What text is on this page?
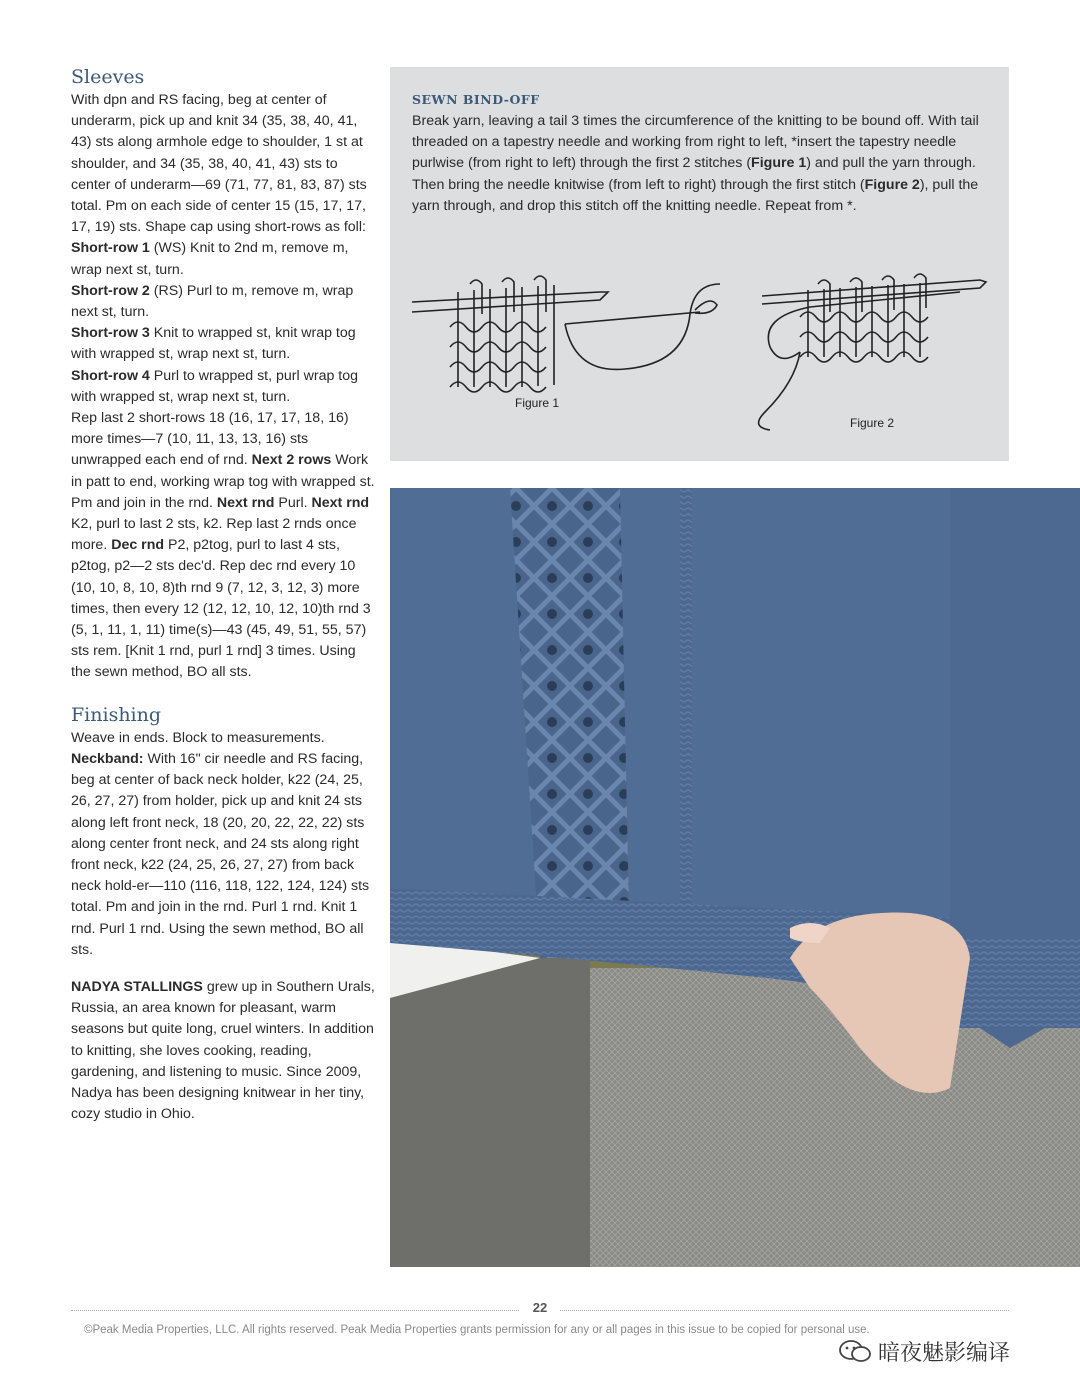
Sleeves

With dpn and RS facing, beg at center of underarm, pick up and knit 34 (35, 38, 40, 41, 43) sts along armhole edge to shoulder, 1 st at shoulder, and 34 (35, 38, 40, 41, 43) sts to center of underarm—69 (71, 77, 81, 83, 87) sts total. Pm on each side of center 15 (15, 17, 17, 17, 19) sts. Shape cap using short-rows as foll:
Short-row 1 (WS) Knit to 2nd m, remove m, wrap next st, turn.
Short-row 2 (RS) Purl to m, remove m, wrap next st, turn.
Short-row 3 Knit to wrapped st, knit wrap tog with wrapped st, wrap next st, turn.
Short-row 4 Purl to wrapped st, purl wrap tog with wrapped st, wrap next st, turn.
Rep last 2 short-rows 18 (16, 17, 17, 18, 16) more times—7 (10, 11, 13, 13, 16) sts unwrapped each end of rnd. Next 2 rows Work in patt to end, working wrap tog with wrapped st. Pm and join in the rnd. Next rnd Purl. Next rnd K2, purl to last 2 sts, k2. Rep last 2 rnds once more. Dec rnd P2, p2tog, purl to last 4 sts, p2tog, p2—2 sts dec'd. Rep dec rnd every 10 (10, 10, 8, 10, 8)th rnd 9 (7, 12, 3, 12, 3) more times, then every 12 (12, 12, 10, 12, 10)th rnd 3 (5, 1, 11, 1, 11) time(s)—43 (45, 49, 51, 55, 57) sts rem. [Knit 1 rnd, purl 1 rnd] 3 times. Using the sewn method, BO all sts.

Finishing

Weave in ends. Block to measurements.
Neckband: With 16" cir needle and RS facing, beg at center of back neck holder, k22 (24, 25, 26, 27, 27) from holder, pick up and knit 24 sts along left front neck, 18 (20, 20, 22, 22, 22) sts along center front neck, and 24 sts along right front neck, k22 (24, 25, 26, 27, 27) from back neck hold-er—110 (116, 118, 122, 124, 124) sts total. Pm and join in the rnd. Purl 1 rnd. Knit 1 rnd. Purl 1 rnd. Using the sewn method, BO all sts.

NADYA STALLINGS grew up in Southern Urals, Russia, an area known for pleasant, warm seasons but quite long, cruel winters. In addition to knitting, she loves cooking, reading, gardening, and listening to music. Since 2009, Nadya has been designing knitwear in her tiny, cozy studio in Ohio.

SEWN BIND-OFF
Break yarn, leaving a tail 3 times the circumference of the knitting to be bound off. With tail threaded on a tapestry needle and working from right to left, *insert the tapestry needle purlwise (from right to left) through the first 2 stitches (Figure 1) and pull the yarn through. Then bring the needle knitwise (from left to right) through the first stitch (Figure 2), pull the yarn through, and drop this stitch off the knitting needle. Repeat from *.
Figure 1
Figure 2
22
©Peak Media Properties, LLC. All rights reserved. Peak Media Properties grants permission for any or all pages in this issue to be copied for personal use.
暗夜魅影编译
